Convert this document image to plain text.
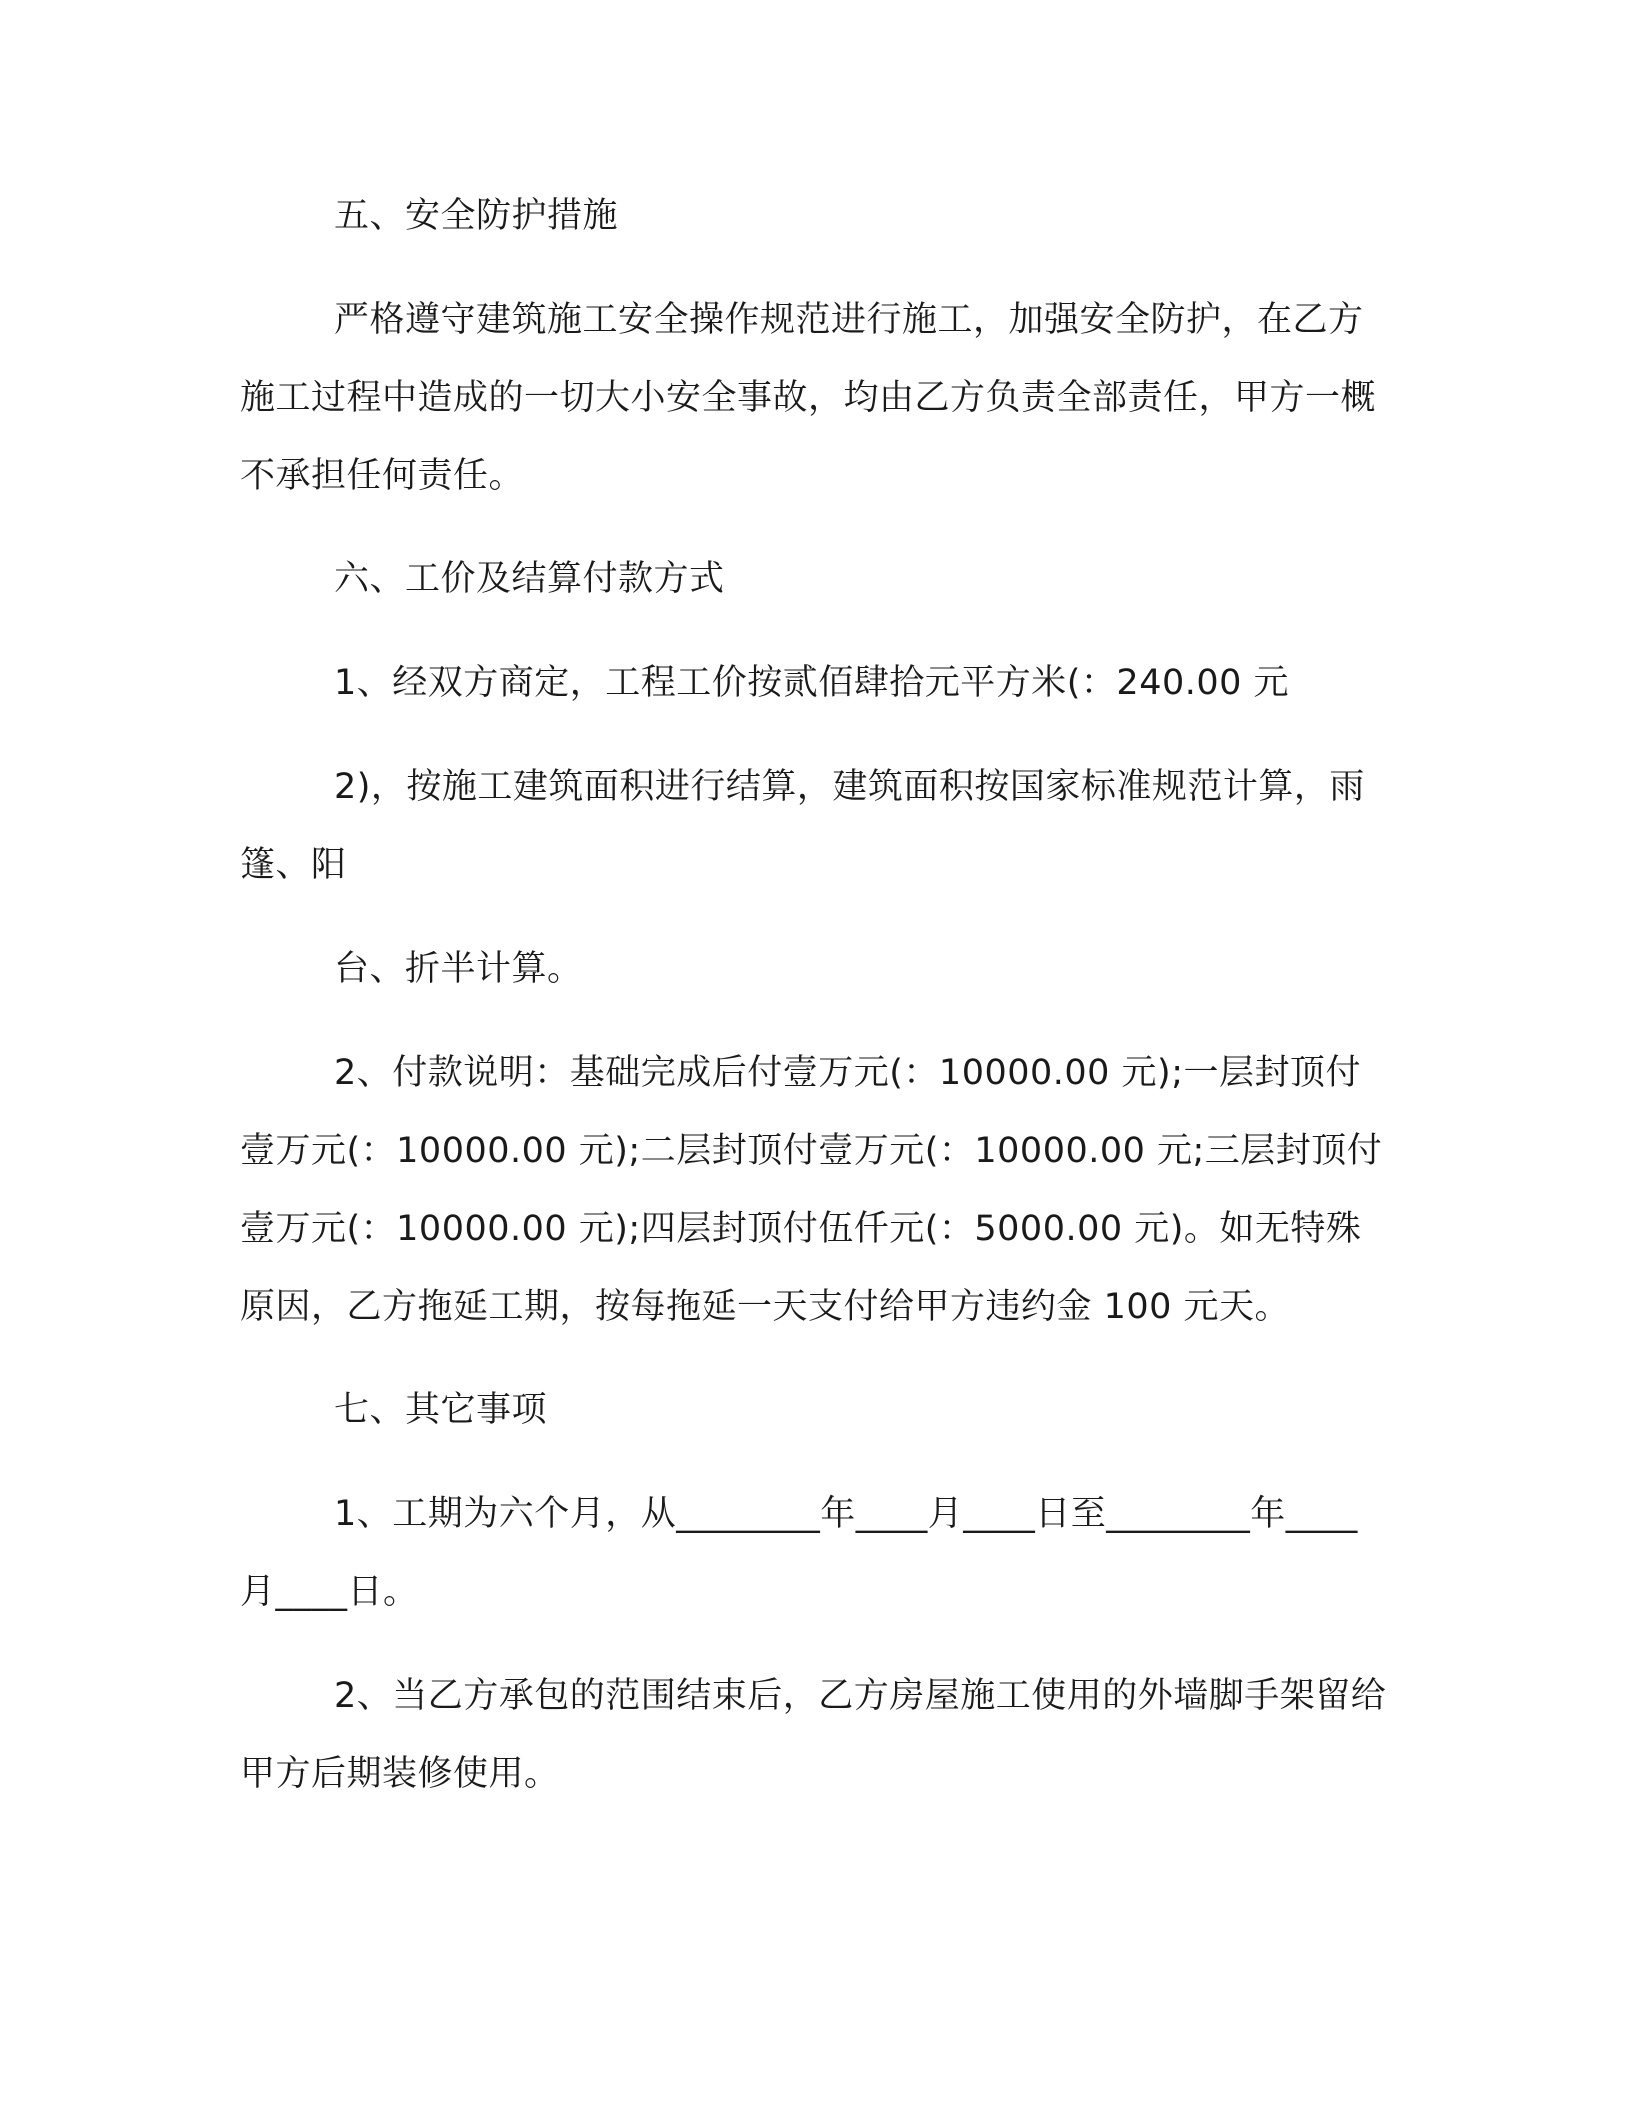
五、安全防护措施

严格遵守建筑施工安全操作规范进行施工，加强安全防护，在乙方施工过程中造成的一切大小安全事故，均由乙方负责全部责任，甲方一概不承担任何责任。

六、工价及结算付款方式

1、经双方商定，工程工价按贰佰肆拾元平方米(：240.00 元

2)，按施工建筑面积进行结算，建筑面积按国家标准规范计算，雨篷、阳

台、折半计算。

2、付款说明：基础完成后付壹万元(：10000.00 元);一层封顶付壹万元(：10000.00 元);二层封顶付壹万元(：10000.00 元;三层封顶付壹万元(：10000.00 元);四层封顶付伍仟元(：5000.00 元)。如无特殊原因，乙方拖延工期，按每拖延一天支付给甲方违约金 100 元天。

七、其它事项

1、工期为六个月，从________年____月____日至________年____月____日。

2、当乙方承包的范围结束后，乙方房屋施工使用的外墙脚手架留给甲方后期装修使用。
